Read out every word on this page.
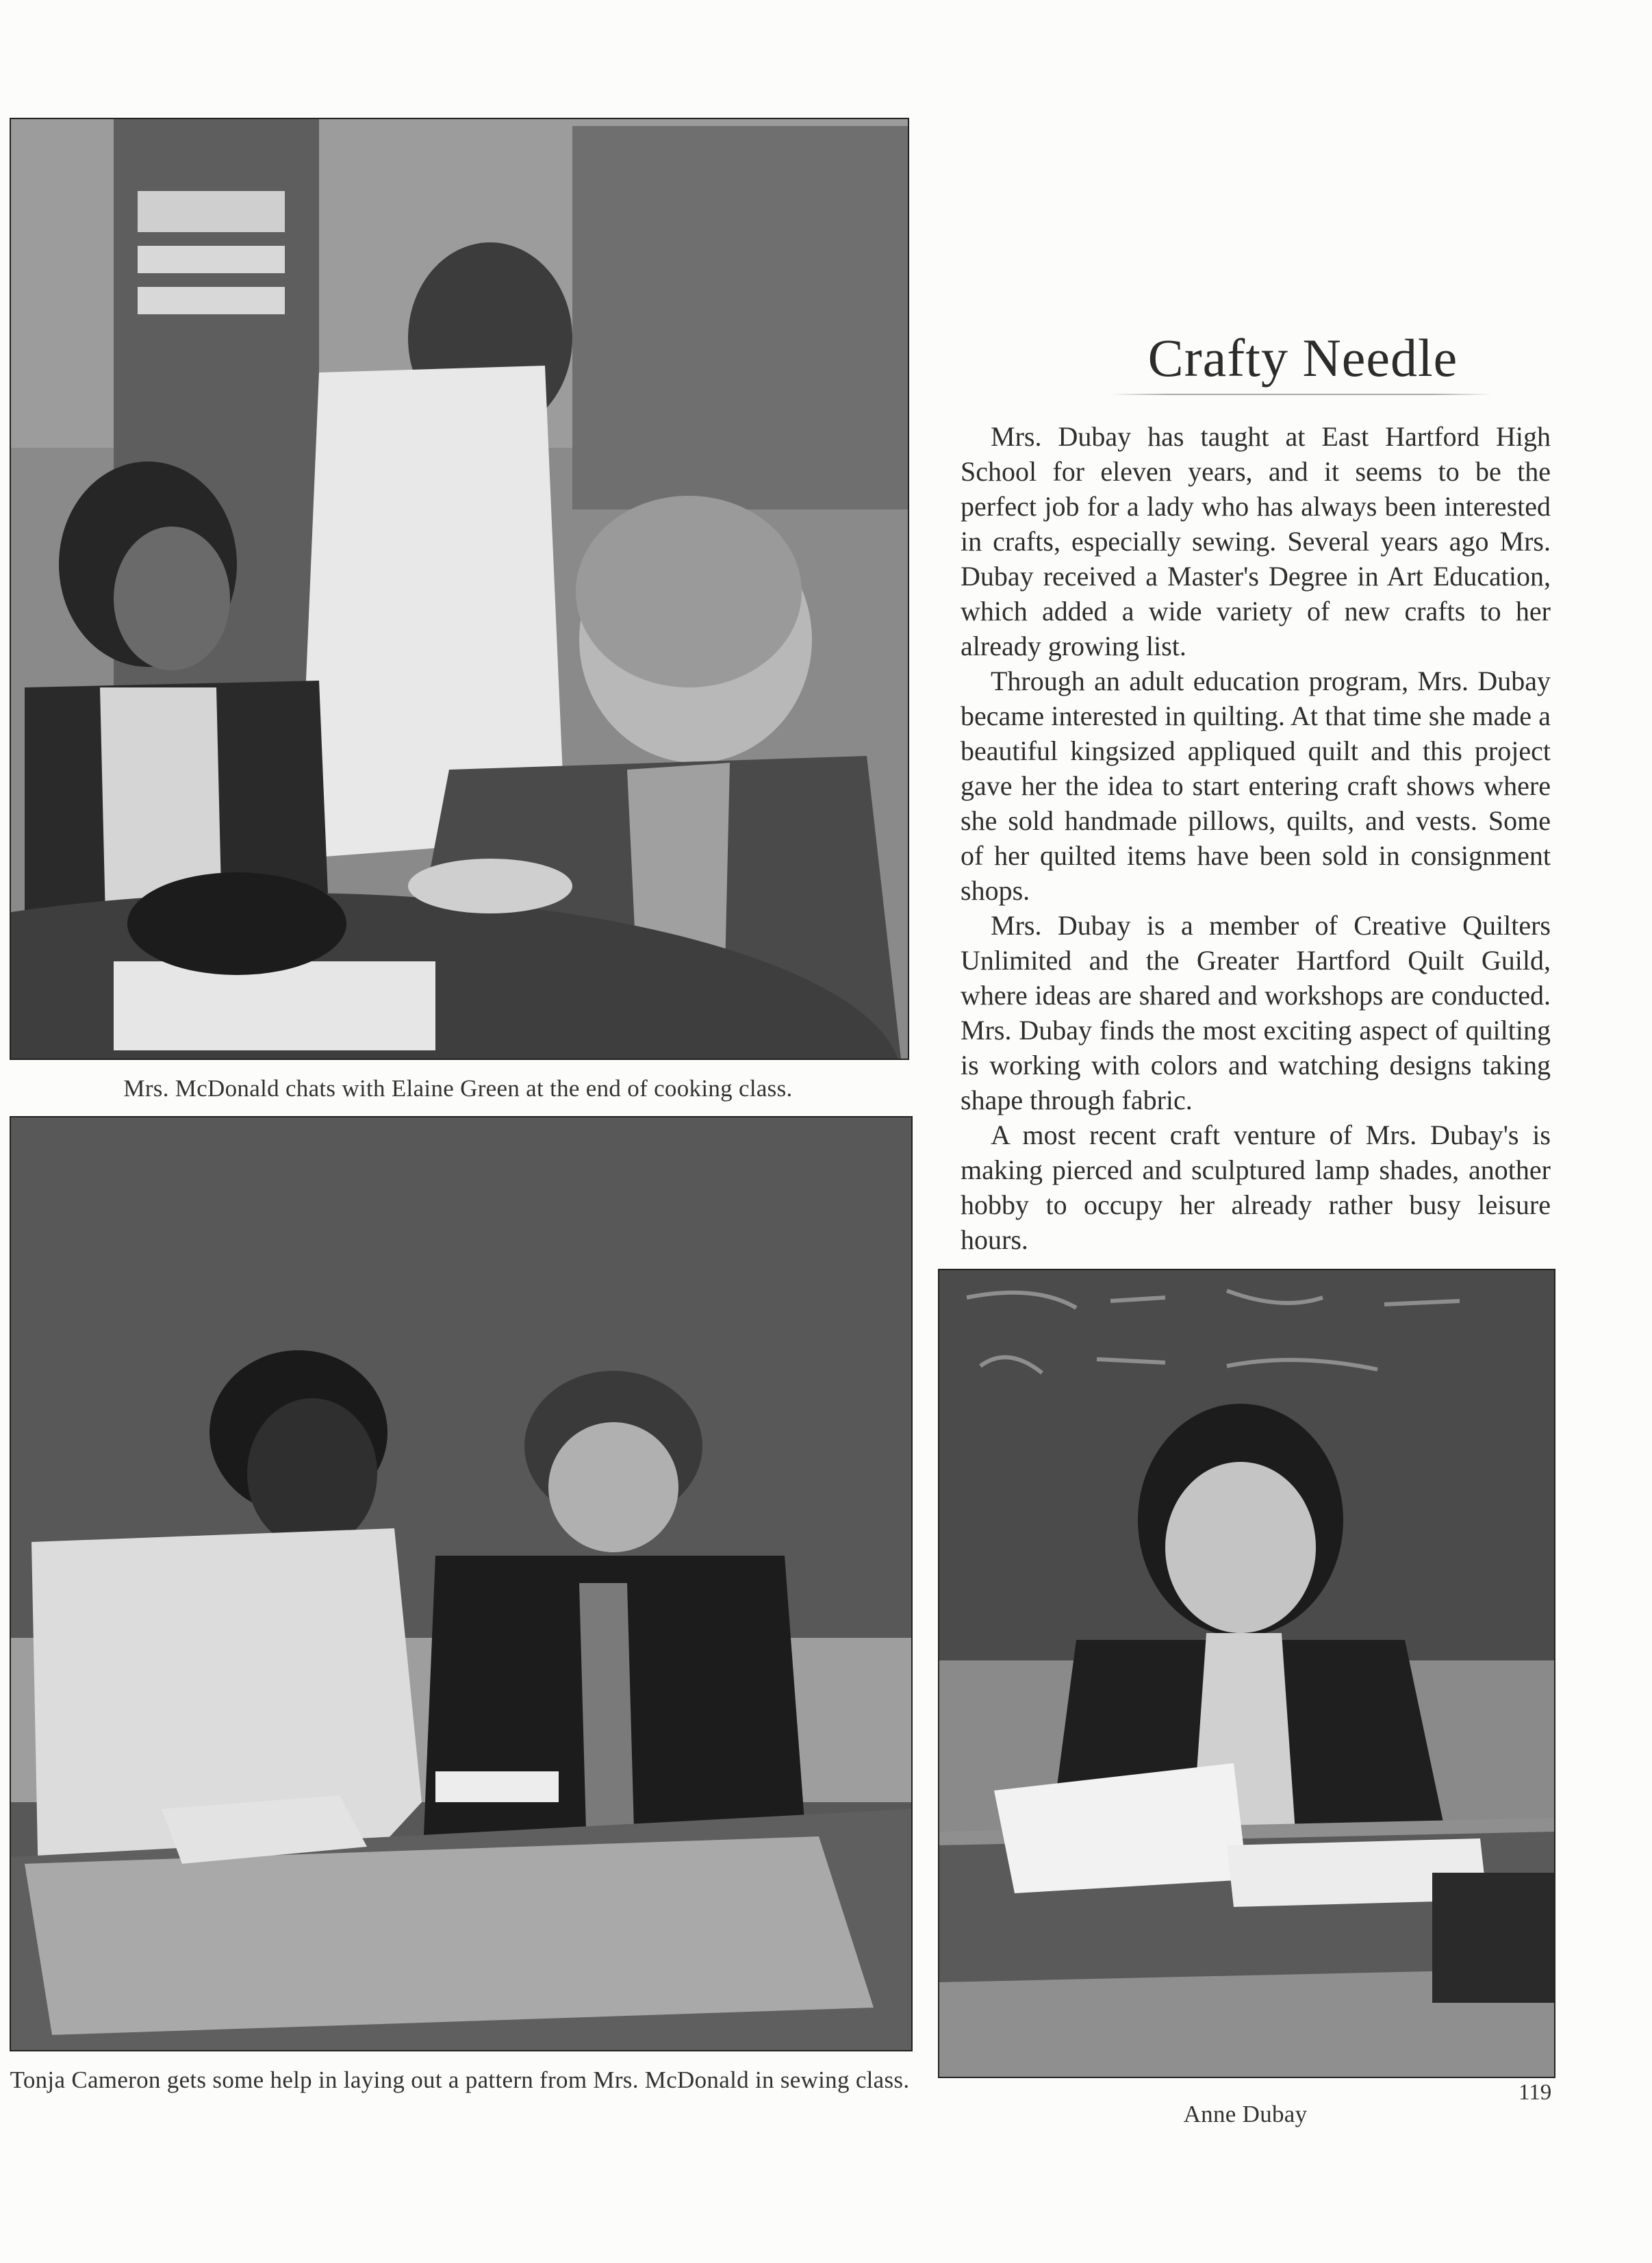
Mrs. McDonald chats with Elaine Green at the end of cooking class.
Tonja Cameron gets some help in laying out a pattern from Mrs. McDonald in sewing class.
Crafty Needle

Mrs. Dubay has taught at East Hartford High School for eleven years, and it seems to be the perfect job for a lady who has always been interested in crafts, especially sewing. Several years ago Mrs. Dubay received a Master's Degree in Art Education, which added a wide variety of new crafts to her already growing list.

Through an adult education program, Mrs. Dubay became interested in quilting. At that time she made a beautiful kingsized appliqued quilt and this project gave her the idea to start entering craft shows where she sold handmade pillows, quilts, and vests. Some of her quilted items have been sold in consignment shops.

Mrs. Dubay is a member of Creative Quilters Unlimited and the Greater Hartford Quilt Guild, where ideas are shared and workshops are conducted. Mrs. Dubay finds the most exciting aspect of quilting is working with colors and watching designs taking shape through fabric.

A most recent craft venture of Mrs. Dubay's is making pierced and sculptured lamp shades, another hobby to occupy her already rather busy leisure hours.

Anne Dubay
119
